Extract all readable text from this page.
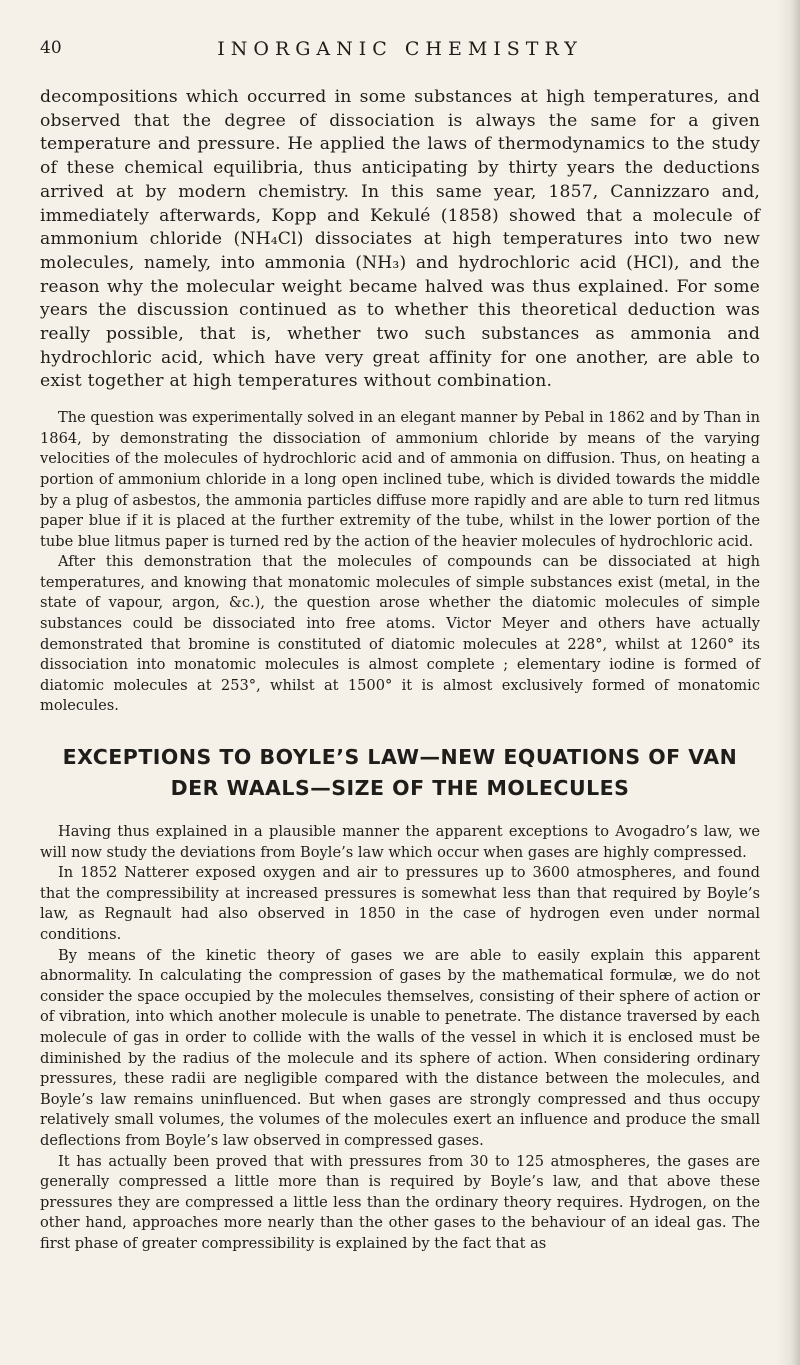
40	INORGANIC CHEMISTRY

decompositions which occurred in some substances at high temperatures, and observed that the degree of dissociation is always the same for a given temperature and pressure. He applied the laws of thermodynamics to the study of these chemical equilibria, thus anticipating by thirty years the deductions arrived at by modern chemistry. In this same year, 1857, Cannizzaro and, immediately afterwards, Kopp and Kekulé (1858) showed that a molecule of ammonium chloride (NH₄Cl) dissociates at high temperatures into two new molecules, namely, into ammonia (NH₃) and hydrochloric acid (HCl), and the reason why the molecular weight became halved was thus explained. For some years the discussion continued as to whether this theoretical deduction was really possible, that is, whether two such substances as ammonia and hydrochloric acid, which have very great affinity for one another, are able to exist together at high temperatures without combination.

The question was experimentally solved in an elegant manner by Pebal in 1862 and by Than in 1864, by demonstrating the dissociation of ammonium chloride by means of the varying velocities of the molecules of hydrochloric acid and of ammonia on diffusion. Thus, on heating a portion of ammonium chloride in a long open inclined tube, which is divided towards the middle by a plug of asbestos, the ammonia particles diffuse more rapidly and are able to turn red litmus paper blue if it is placed at the further extremity of the tube, whilst in the lower portion of the tube blue litmus paper is turned red by the action of the heavier molecules of hydrochloric acid.

After this demonstration that the molecules of compounds can be dissociated at high temperatures, and knowing that monatomic molecules of simple substances exist (metal, in the state of vapour, argon, &c.), the question arose whether the diatomic molecules of simple substances could be dissociated into free atoms. Victor Meyer and others have actually demonstrated that bromine is constituted of diatomic molecules at 228°, whilst at 1260° its dissociation into monatomic molecules is almost complete ; elementary iodine is formed of diatomic molecules at 253°, whilst at 1500° it is almost exclusively formed of monatomic molecules.

EXCEPTIONS TO BOYLE’S LAW—NEW EQUATIONS OF VAN DER WAALS—SIZE OF THE MOLECULES

Having thus explained in a plausible manner the apparent exceptions to Avogadro’s law, we will now study the deviations from Boyle’s law which occur when gases are highly compressed.

In 1852 Natterer exposed oxygen and air to pressures up to 3600 atmospheres, and found that the compressibility at increased pressures is somewhat less than that required by Boyle’s law, as Regnault had also observed in 1850 in the case of hydrogen even under normal conditions.

By means of the kinetic theory of gases we are able to easily explain this apparent abnormality. In calculating the compression of gases by the mathematical formulæ, we do not consider the space occupied by the molecules themselves, consisting of their sphere of action or of vibration, into which another molecule is unable to penetrate. The distance traversed by each molecule of gas in order to collide with the walls of the vessel in which it is enclosed must be diminished by the radius of the molecule and its sphere of action. When considering ordinary pressures, these radii are negligible compared with the distance between the molecules, and Boyle’s law remains uninfluenced. But when gases are strongly compressed and thus occupy relatively small volumes, the volumes of the molecules exert an influence and produce the small deflections from Boyle’s law observed in compressed gases.

It has actually been proved that with pressures from 30 to 125 atmospheres, the gases are generally compressed a little more than is required by Boyle’s law, and that above these pressures they are compressed a little less than the ordinary theory requires. Hydrogen, on the other hand, approaches more nearly than the other gases to the behaviour of an ideal gas. The first phase of greater compressibility is explained by the fact that as
